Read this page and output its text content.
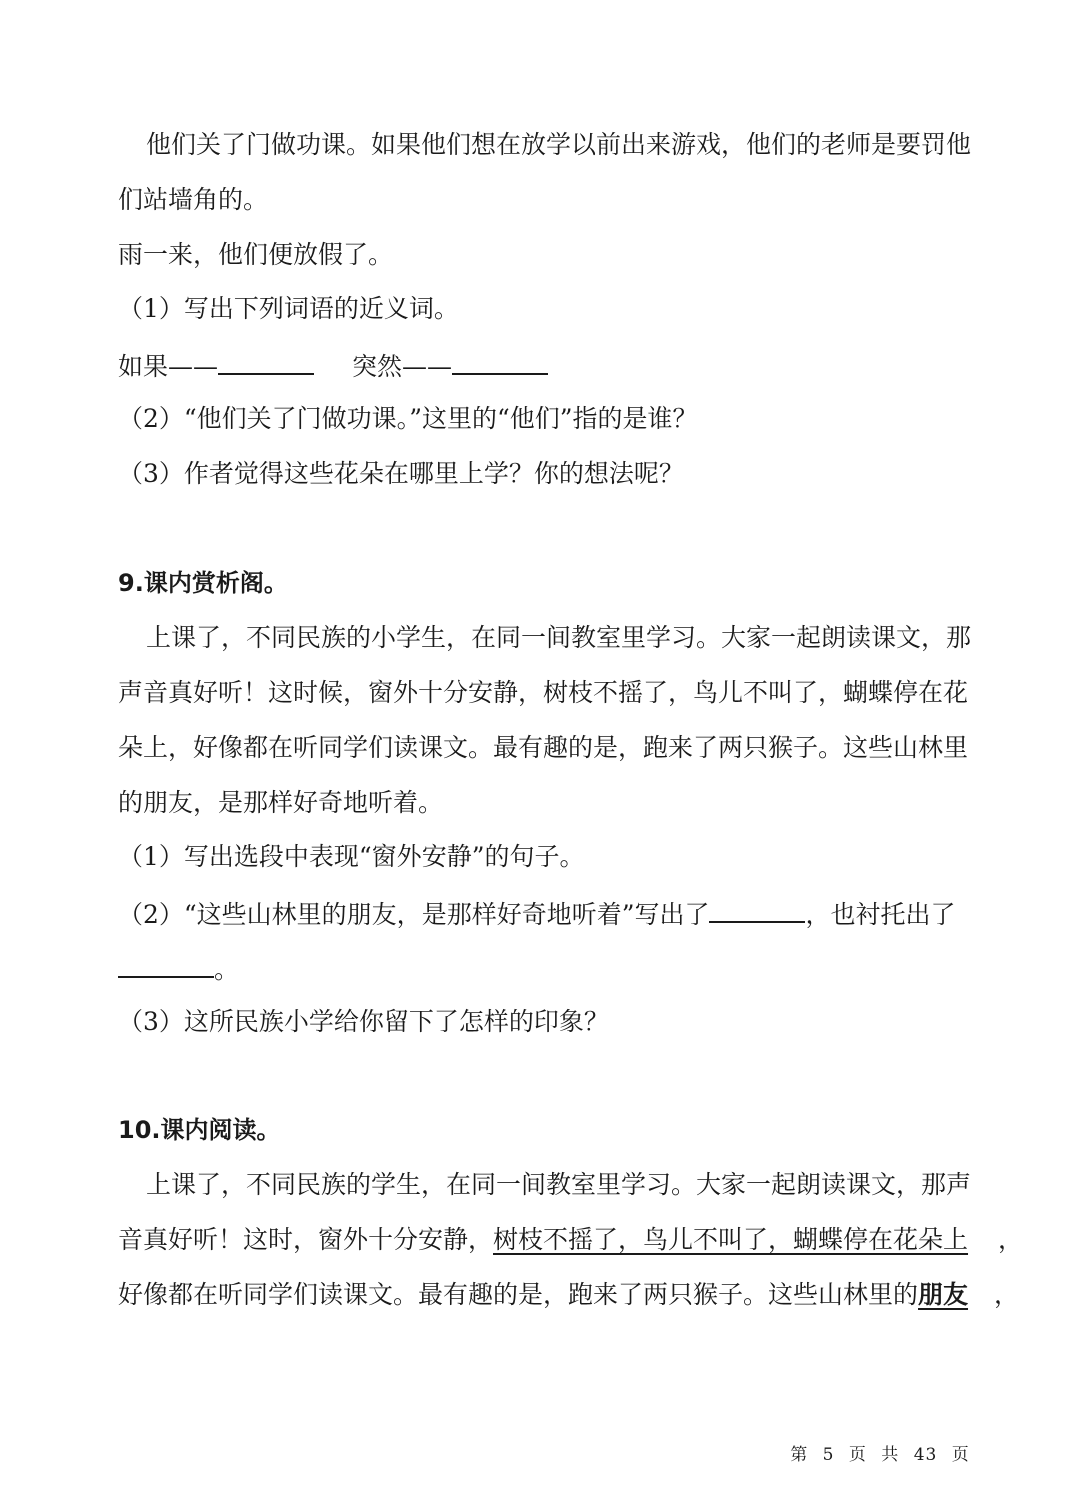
他们关了门做功课。如果他们想在放学以前出来游戏，他们的老师是要罚他
们站墙角的。
雨一来，他们便放假了。
（1）写出下列词语的近义词。
如果——	突然——
（2）“他们关了门做功课。”这里的“他们”指的是谁？
（3）作者觉得这些花朵在哪里上学？你的想法呢？
9.课内赏析阁。
上课了，不同民族的小学生，在同一间教室里学习。大家一起朗读课文，那
声音真好听！这时候，窗外十分安静，树枝不摇了，鸟儿不叫了，蝴蝶停在花
朵上，好像都在听同学们读课文。最有趣的是，跑来了两只猴子。这些山林里
的朋友，是那样好奇地听着。
（1）写出选段中表现“窗外安静”的句子。
（2）“这些山林里的朋友，是那样好奇地听着”写出了	，也衬托出了
。
（3）这所民族小学给你留下了怎样的印象？
10.课内阅读。
上课了，不同民族的学生，在同一间教室里学习。大家一起朗读课文，那声
音真好听！这时，窗外十分安静，树枝不摇了，鸟儿不叫了，蝴蝶停在花朵上 ，
好像都在听同学们读课文。最有趣的是，跑来了两只猴子。这些山林里的朋友 ，
第 5 页 共 43 页
